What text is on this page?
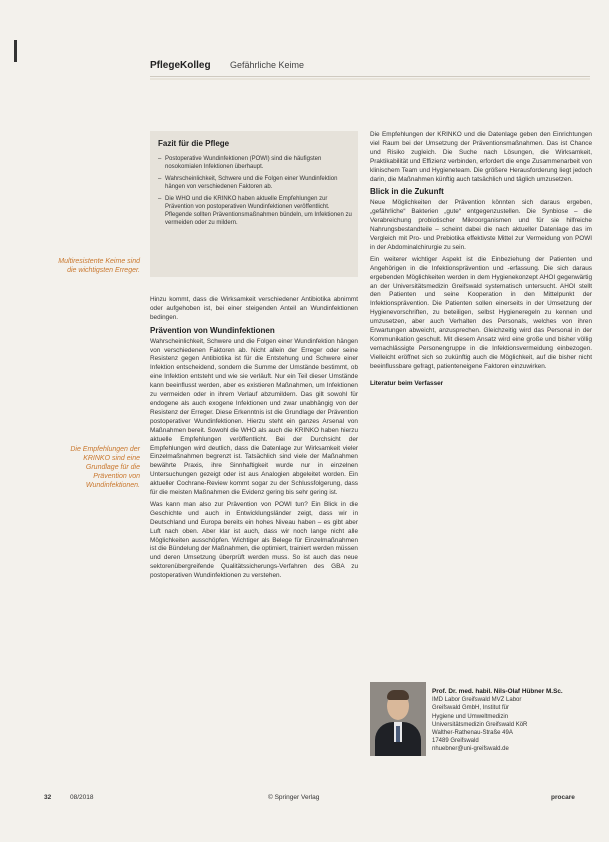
PflegeKolleg Gefährliche Keime
Multiresistente Keime sind die wichtigsten Erreger.
Die Empfehlungen der KRINKO sind eine Grundlage für die Prävention von Wundinfektionen.
Fazit für die Pflege
– Postoperative Wundinfektionen (POWI) sind die häufigsten nosokomialen Infektionen überhaupt.
– Wahrscheinlichkeit, Schwere und die Folgen einer Wundinfektion hängen von verschiedenen Faktoren ab.
– Die WHO und die KRINKO haben aktuelle Empfehlungen zur Prävention von postoperativen Wundinfektionen veröffentlicht. Pflegende sollten Präventionsmaßnahmen bündeln, um Infektionen zu vermeiden oder zu mildern.

Hinzu kommt, dass die Wirksamkeit verschiedener Antibiotika abnimmt oder aufgehoben ist, bei einer steigenden Anteil an Wundinfektionen bedingen.

Prävention von Wundinfektionen

Wahrscheinlichkeit, Schwere und die Folgen einer Wundinfektion hängen von verschiedenen Faktoren ab. Nicht allein der Erreger oder seine Resistenz gegen Antibiotika ist für die Entstehung und Schwere einer Infektion entscheidend, sondern die Summe der Umstände bestimmt, ob eine Infektion entsteht und wie sie verläuft. Nur ein Teil dieser Umstände kann beeinflusst werden, aber es existieren Maßnahmen, um Infektionen zu vermeiden oder in ihrem Verlauf abzumildern. Das gilt sowohl für endogene als auch exogene Infektionen und zwar unabhängig von der Resistenz der Erreger. Diese Erkenntnis ist die Grundlage der Prävention postoperativer Wundinfektionen. Hierzu steht ein ganzes Arsenal von Maßnahmen bereit. Sowohl die WHO als auch die KRINKO haben hierzu aktuelle Empfehlungen veröffentlicht. Bei der Durchsicht der Empfehlungen wird deutlich, dass die Datenlage zur Wirksamkeit vieler Einzelmaßnahmen begrenzt ist. Tatsächlich sind viele der Maßnahmen bewährte Praxis, ihre Sinnhaftigkeit wurde nur in einzelnen Untersuchungen gezeigt oder ist aus Analogien abgeleitet worden. Ein aktueller Cochrane-Review kommt sogar zu der Schlussfolgerung, dass für die meisten Maßnahmen die Evidenz gering bis sehr gering ist.

Was kann man also zur Prävention von POWI tun? Ein Blick in die Geschichte und auch in Entwicklungsländer zeigt, dass wir in Deutschland und Europa bereits ein hohes Niveau haben – es gibt aber Luft nach oben. Aber klar ist auch, dass wir noch lange nicht alle Möglichkeiten ausschöpfen. Wichtiger als Belege für Einzelmaßnahmen ist die Bündelung der Maßnahmen, die optimiert, trainiert werden müssen und deren Umsetzung überprüft werden muss. So ist auch das neue sektorenübergreifende Qualitätssicherungs-Verfahren des GBA zu postoperativen Wundinfektionen zu verstehen.

Die Empfehlungen der KRINKO und die Datenlage geben den Einrichtungen viel Raum bei der Umsetzung der Präventionsmaßnahmen. Das ist Chance und Risiko zugleich. Die Suche nach Lösungen, die Wirksamkeit, Praktikabilität und Effizienz verbinden, erfordert die enge Zusammenarbeit von klinischem Team und Hygieneteam. Die größere Herausforderung liegt jedoch darin, die Maßnahmen künftig auch tatsächlich und täglich umzusetzen.

Blick in die Zukunft

Neue Möglichkeiten der Prävention könnten sich daraus ergeben, „gefährliche“ Bakterien „gute“ entgegenzustellen. Die Synbiose – die Verabreichung probiotischer Mikroorganismen und für sie hilfreiche Nahrungsbestandteile – scheint dabei die nach aktueller Datenlage das im Vergleich mit Pro- und Prebiotika effektivste Mittel zur Vermeidung von POWI in der Abdominalchirurgie zu sein.

Ein weiterer wichtiger Aspekt ist die Einbeziehung der Patienten und Angehörigen in die Infektionsprävention und -erfassung. Die sich daraus ergebenden Möglichkeiten werden in dem Hygienekonzept AHOI gegenwärtig an der Universitätsmedizin Greifswald systematisch untersucht. AHOI stellt den Patienten und seine Kooperation in den Mittelpunkt der Infektionsprävention. Die Patienten sollen einerseits in der Umsetzung der Hygienevorschriften, zu beteiligen, selbst Hygieneregeln zu kennen und umzusetzen, aber auch Verhalten des Personals, welches von ihren Erwartungen abweicht, anzusprechen. Gleichzeitig wird das Personal in der Kommunikation geschult. Mit diesem Ansatz wird eine große und bisher völlig vernachlässigte Personengruppe in die Infektionsvermeidung einbezogen. Vielleicht eröffnet sich so zukünftig auch die Möglichkeit, auf die bisher nicht beeinflussbare gefragt, patienteneigene Faktoren einzuwirken.

Literatur beim Verfasser

Prof. Dr. med. habil. Nils-Olaf Hübner M.Sc.
IMD Labor Greifswald MVZ Labor
Greifswald GmbH, Institut für
Hygiene und Umweltmedizin
Universitätsmedizin Greifswald KöR
Walther-Rathenau-Straße 49A
17489 Greifswald
nhuebner@uni-greifswald.de
32	08/2018	© Springer Verlag	procare
